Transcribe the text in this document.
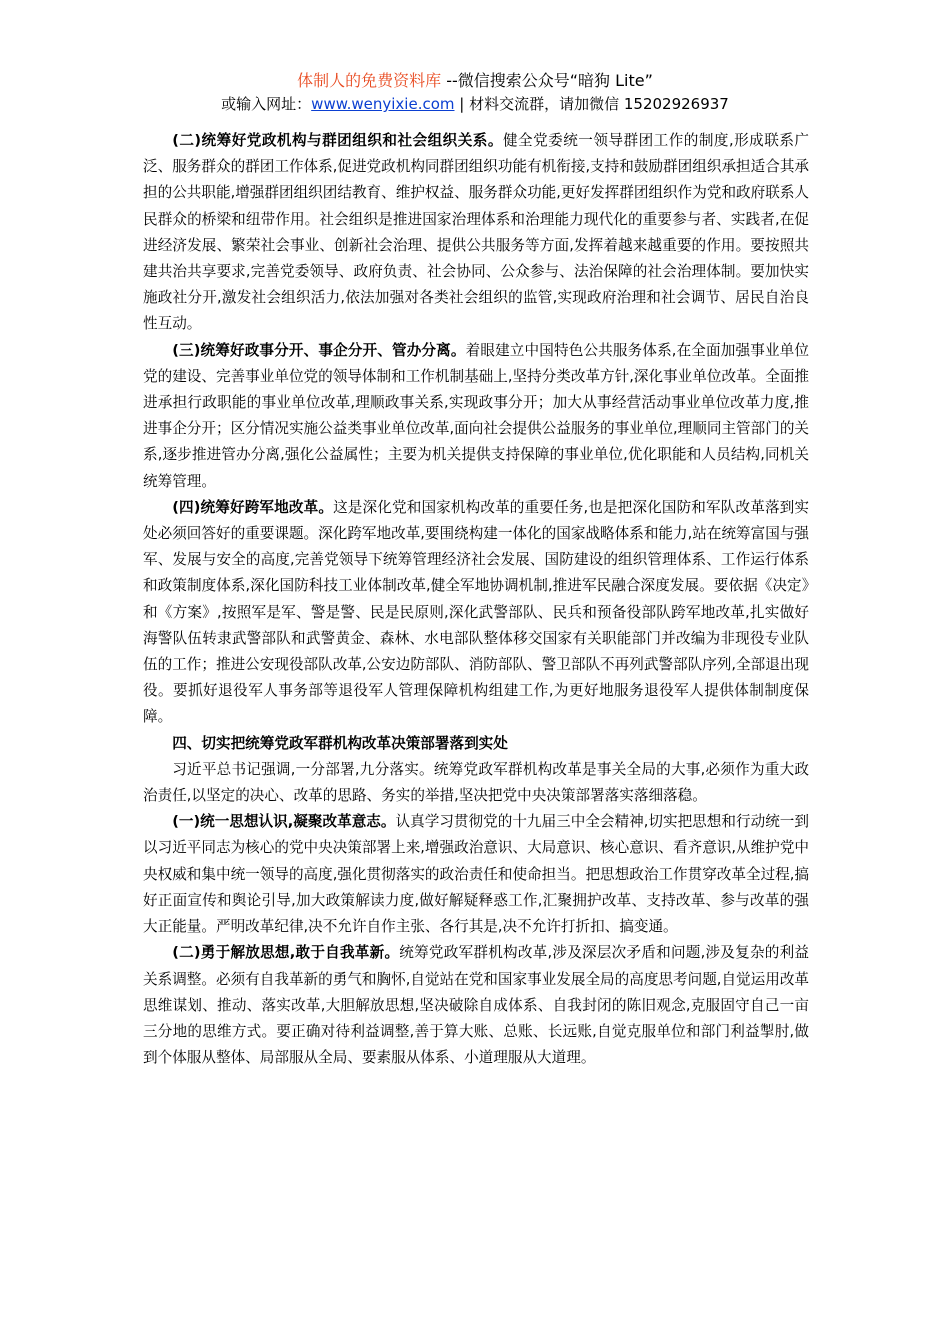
体制人的免费资料库 --微信搜索公众号“暗狗 Lite”
或输入网址：www.wenyixie.com | 材料交流群，请加微信 15202926937

(二)统筹好党政机构与群团组织和社会组织关系。健全党委统一领导群团工作的制度,形成联系广泛、服务群众的群团工作体系,促进党政机构同群团组织功能有机衔接,支持和鼓励群团组织承担适合其承担的公共职能,增强群团组织团结教育、维护权益、服务群众功能,更好发挥群团组织作为党和政府联系人民群众的桥梁和纽带作用。社会组织是推进国家治理体系和治理能力现代化的重要参与者、实践者,在促进经济发展、繁荣社会事业、创新社会治理、提供公共服务等方面,发挥着越来越重要的作用。要按照共建共治共享要求,完善党委领导、政府负责、社会协同、公众参与、法治保障的社会治理体制。要加快实施政社分开,激发社会组织活力,依法加强对各类社会组织的监管,实现政府治理和社会调节、居民自治良性互动。

(三)统筹好政事分开、事企分开、管办分离。着眼建立中国特色公共服务体系,在全面加强事业单位党的建设、完善事业单位党的领导体制和工作机制基础上,坚持分类改革方针,深化事业单位改革。全面推进承担行政职能的事业单位改革,理顺政事关系,实现政事分开；加大从事经营活动事业单位改革力度,推进事企分开；区分情况实施公益类事业单位改革,面向社会提供公益服务的事业单位,理顺同主管部门的关系,逐步推进管办分离,强化公益属性；主要为机关提供支持保障的事业单位,优化职能和人员结构,同机关统筹管理。

(四)统筹好跨军地改革。这是深化党和国家机构改革的重要任务,也是把深化国防和军队改革落到实处必须回答好的重要课题。深化跨军地改革,要围绕构建一体化的国家战略体系和能力,站在统筹富国与强军、发展与安全的高度,完善党领导下统筹管理经济社会发展、国防建设的组织管理体系、工作运行体系和政策制度体系,深化国防科技工业体制改革,健全军地协调机制,推进军民融合深度发展。要依据《决定》和《方案》,按照军是军、警是警、民是民原则,深化武警部队、民兵和预备役部队跨军地改革,扎实做好海警队伍转隶武警部队和武警黄金、森林、水电部队整体移交国家有关职能部门并改编为非现役专业队伍的工作；推进公安现役部队改革,公安边防部队、消防部队、警卫部队不再列武警部队序列,全部退出现役。要抓好退役军人事务部等退役军人管理保障机构组建工作,为更好地服务退役军人提供体制制度保障。

四、切实把统筹党政军群机构改革决策部署落到实处

习近平总书记强调,一分部署,九分落实。统筹党政军群机构改革是事关全局的大事,必须作为重大政治责任,以坚定的决心、改革的思路、务实的举措,坚决把党中央决策部署落实落细落稳。

(一)统一思想认识,凝聚改革意志。认真学习贯彻党的十九届三中全会精神,切实把思想和行动统一到以习近平同志为核心的党中央决策部署上来,增强政治意识、大局意识、核心意识、看齐意识,从维护党中央权威和集中统一领导的高度,强化贯彻落实的政治责任和使命担当。把思想政治工作贯穿改革全过程,搞好正面宣传和舆论引导,加大政策解读力度,做好解疑释惑工作,汇聚拥护改革、支持改革、参与改革的强大正能量。严明改革纪律,决不允许自作主张、各行其是,决不允许打折扣、搞变通。

(二)勇于解放思想,敢于自我革新。统筹党政军群机构改革,涉及深层次矛盾和问题,涉及复杂的利益关系调整。必须有自我革新的勇气和胸怀,自觉站在党和国家事业发展全局的高度思考问题,自觉运用改革思维谋划、推动、落实改革,大胆解放思想,坚决破除自成体系、自我封闭的陈旧观念,克服固守自己一亩三分地的思维方式。要正确对待利益调整,善于算大账、总账、长远账,自觉克服单位和部门利益掣肘,做到个体服从整体、局部服从全局、要素服从体系、小道理服从大道理。
